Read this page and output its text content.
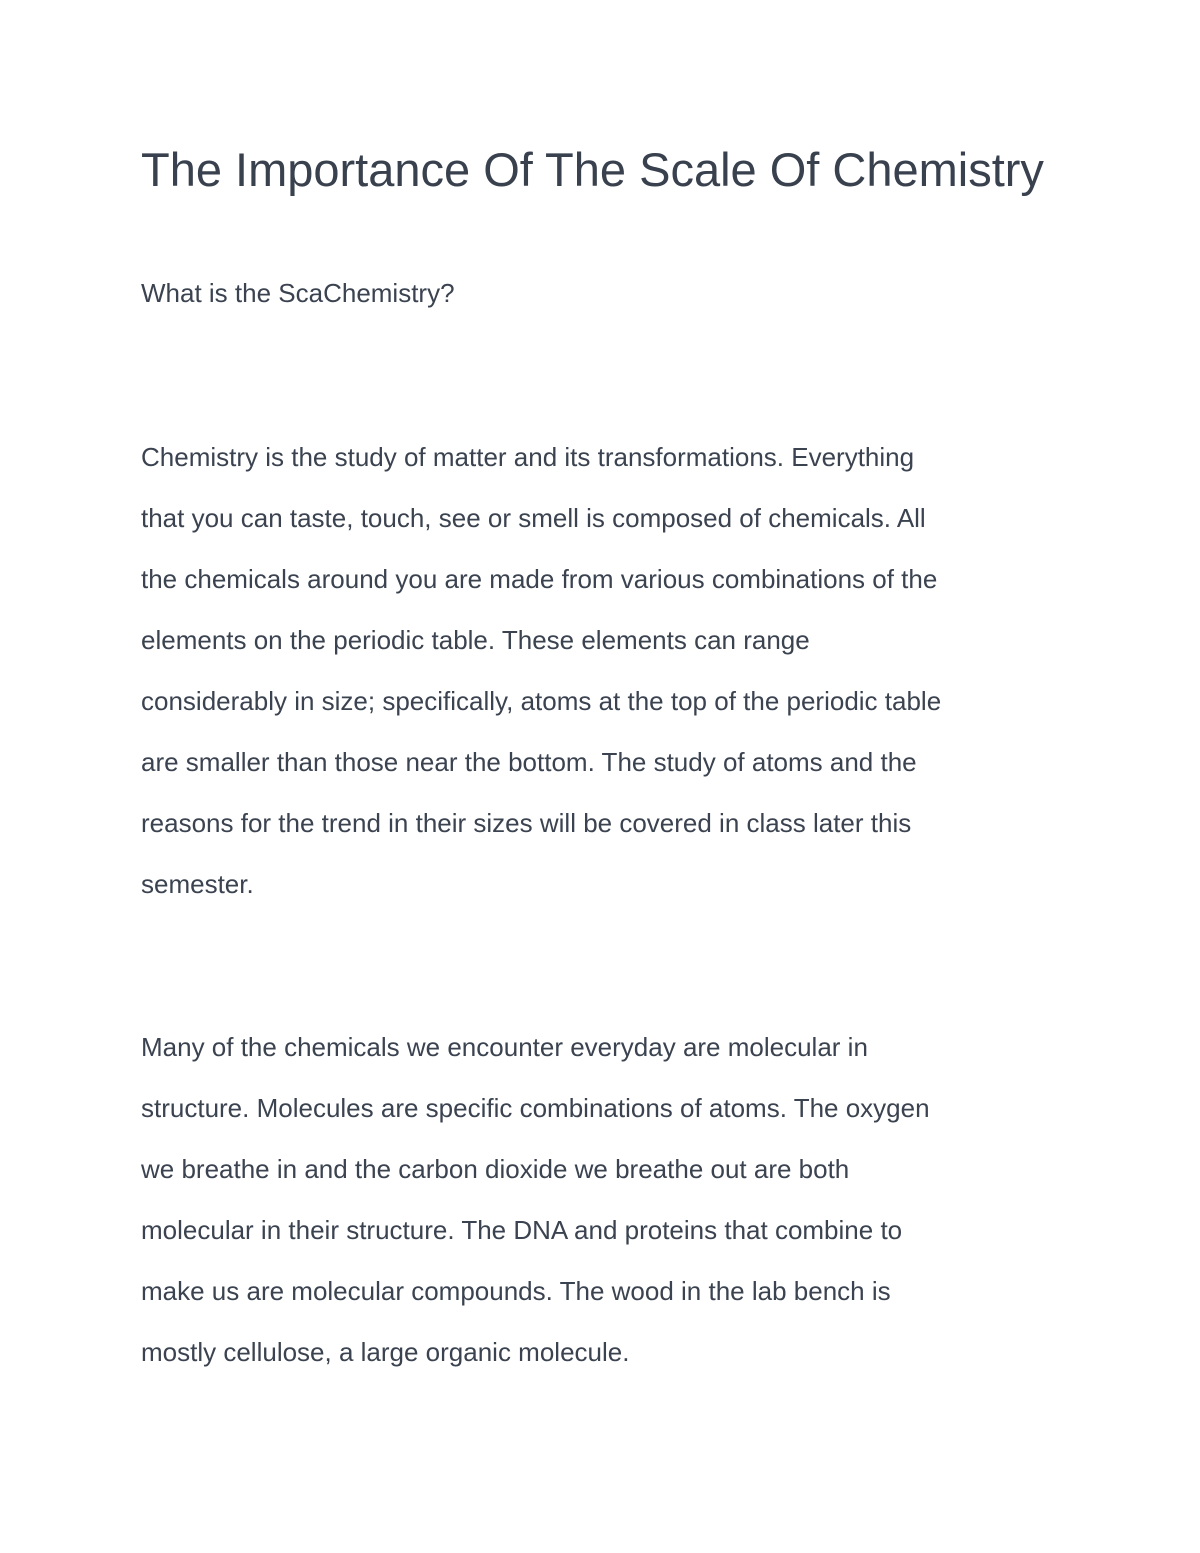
The Importance Of The Scale Of Chemistry
What is the ScaChemistry?

Chemistry is the study of matter and its transformations. Everything
that you can taste, touch, see or smell is composed of chemicals. All
the chemicals around you are made from various combinations of the
elements on the periodic table. These elements can range
considerably in size; specifically, atoms at the top of the periodic table
are smaller than those near the bottom. The study of atoms and the
reasons for the trend in their sizes will be covered in class later this
semester.

Many of the chemicals we encounter everyday are molecular in
structure. Molecules are specific combinations of atoms. The oxygen
we breathe in and the carbon dioxide we breathe out are both
molecular in their structure. The DNA and proteins that combine to
make us are molecular compounds. The wood in the lab bench is
mostly cellulose, a large organic molecule.
